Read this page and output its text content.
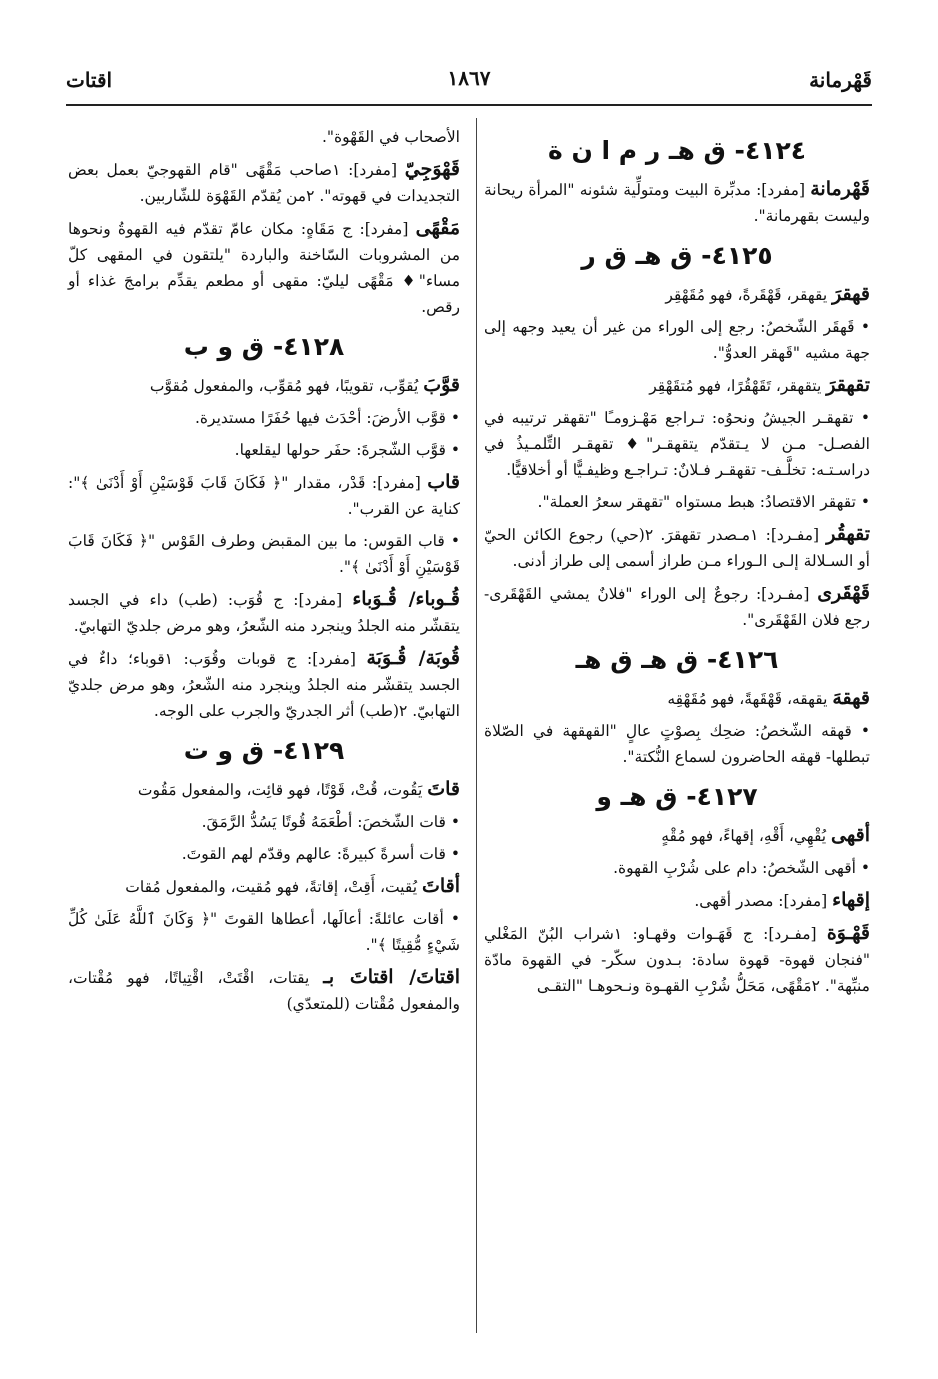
قَهْرمانة
١٨٦٧
اقتات
٤١٢٤- ق هـ ر م ا ن ة

قَهْرمانة [مفرد]: مدبِّرة البيت ومتولِّية شئونه "المرأة ريحانة وليست بقهرمانة".

٤١٢٥- ق هـ ق ر

قهقرَ يقهقر، قَهْقَرةً، فهو مُقَهْقِر

• قَهقَر الشّخصُ: رجع إلى الوراء من غير أن يعيد وجهه إلى جهة مشيه "قَهقر العدوُّ".

تقهقرَ يتقهقر، تَقَهْقُرًا، فهو مُتقَهْقِر

• تقهقـر الجيشُ ونحوُه: تـراجع مَهْـزومـًا "تقهقر ترتيبه في الفصـل- مـن لا يـتقدّم يتقهقـر"♦ تقهقـر التِّلمـيذُ في دراسـتـه: تخلَّـف- تقهقـر فـلانٌ: تـراجـع وظيفـيًّا أو أخلاقيًّا.

• تقهقر الاقتصادُ: هبط مستواه "تقهقر سعرُ العملة".

تقهقُر [مفـرد]: ١مـصدر تقهقرَ. ٢(حي) رجوع الكائن الحيّ أو السـلالة إلـى الـوراء مـن طراز أسمى إلى طراز أدنى.

قَهْقَرى [مفـرد]: رجوعٌ إلى الوراء "فلانٌ يمشي القَهْقَرى- رجع فلان القَهْقَرى".

٤١٢٦- ق هـ ق هـ

قهقهَ يقهقه، قَهْقَهةً، فهو مُقَهْقِه

• قهقه الشّخصُ: ضحِك بِصوْتٍ عالٍ "القهقهة في الصّلاة تبطلها- قهقه الحاضرون لسماع النُّكتة".

٤١٢٧- ق هـ و

أقهى يُقْهِي، أَقْهِ، إقهاءً، فهو مُقْهٍ

• أقهى الشّخصُ: دام على شُرْبِ القهوة.

إقهاء [مفرد]: مصدر أقهى.

قَهْـوَة [مفـرد]: ج قَهَـوات وقهـاو: ١شراب البُنّ المَغْلي "فنجان قهوة- قهوة سادة: بـدون سكّر- في القهوة مادّة منبِّهة". ٢مَقْهًى، مَحَلُّ شُرْبِ القهـوة ونـحوهـا "التقـى

الأصحاب في القَهْوة".

قَهْوَجِيّ [مفرد]: ١صاحب مَقْهًى "قام القهوجيّ بعمل بعض التجديدات في قهوته". ٢من يُقدّم القَهْوَة للشّاربين.

مَقْهًى [مفرد]: ج مَقَاهٍ: مكان عامّ تقدّم فيه القهوةُ ونحوها من المشروبات السّاخنة والباردة "يلتقون في المقهى كلّ مساء"♦ مَقْهًى ليليّ: مقهى أو مطعم يقدِّم برامجَ غذاء أو رقص.

٤١٢٨- ق و ب

قوَّبَ يُقوِّب، تقويبًا، فهو مُقوِّب، والمفعول مُقوَّب

• قوَّب الأرضَ: أحْدَث فيها حُفَرًا مستديرة.

• قوَّب الشّجرةَ: حفَر حولها ليقلعها.

قاب [مفرد]: قَدْر، مقدار "﴿ فَكَانَ قَابَ قَوْسَيْنِ أَوْ أَدْنَىٰ ﴾": كناية عن القرب".

• قاب القوس: ما بين المقبض وطرف القَوْس "﴿ فَكَانَ قَابَ قَوْسَيْنِ أَوْ أَدْنَىٰ ﴾".

قُـوباء/ قُـوَباء [مفرد]: ج قُوَب: (طب) داء في الجسد يتقشّر منه الجلدُ وينجرد منه الشّعرُ، وهو مرض جلديّ التهابيّ.

قُوبَة/ قُـوَبَة [مفرد]: ج قوبات وقُوَب: ١قوباء؛ داءٌ في الجسد يتقشّر منه الجلدُ وينجرد منه الشّعرُ، وهو مرض جلديّ التهابيّ. ٢(طب) أثر الجدريّ والجرب على الوجه.

٤١٢٩- ق و ت

قاتَ يَقُوت، قُتْ، قَوْتًا، فهو قائِت، والمفعول مَقُوت

• قات الشّخصَ: أطْعَمَهُ قُوتًا يَسُدُّ الرَّمَقَ.

• قات أسرةً كبيرةً: عالهم وقدّم لهم القوتَ.

أقاتَ يُقيت، أَقِتْ، إقاتةً، فهو مُقيت، والمفعول مُقات

• أقات عائلةً: أعالَها، أعطاها القوتَ "﴿ وَكَانَ ٱللَّهُ عَلَىٰ كُلِّ شَيْءٍ مُّقِيتًا ﴾".

اقتاتَ/ اقتاتَ بـ يقتات، اقْتَتْ، اقْتِياتًا، فهو مُقْتات، والمفعول مُقْتات (للمتعدّي)
